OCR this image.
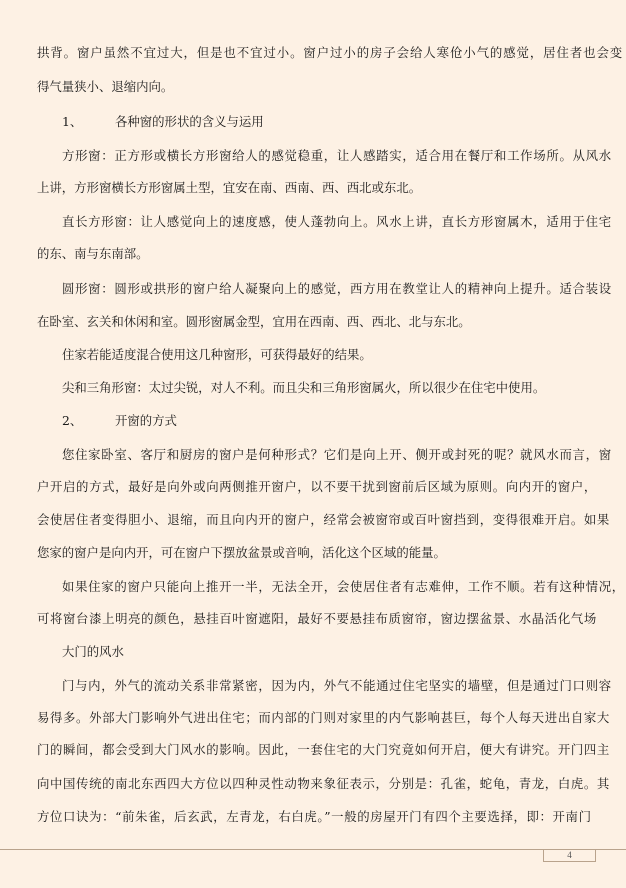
拱背。窗户虽然不宜过大，但是也不宜过小。窗户过小的房子会给人寒伧小气的感觉，居住者也会变
得气量狭小、退缩内向。
1、	各种窗的形状的含义与运用
方形窗：正方形或横长方形窗给人的感觉稳重，让人感踏实，适合用在餐厅和工作场所。从风水
上讲，方形窗横长方形窗属土型，宜安在南、西南、西、西北或东北。
直长方形窗：让人感觉向上的速度感，使人蓬勃向上。风水上讲，直长方形窗属木，适用于住宅
的东、南与东南部。
圆形窗：圆形或拱形的窗户给人凝聚向上的感觉，西方用在教堂让人的精神向上提升。适合装设
在卧室、玄关和休闲和室。圆形窗属金型，宜用在西南、西、西北、北与东北。
住家若能适度混合使用这几种窗形，可获得最好的结果。
尖和三角形窗：太过尖锐，对人不利。而且尖和三角形窗属火，所以很少在住宅中使用。
2、	开窗的方式
您住家卧室、客厅和厨房的窗户是何种形式？它们是向上开、侧开或封死的呢？就风水而言，窗
户开启的方式，最好是向外或向两侧推开窗户，以不要干扰到窗前后区域为原则。向内开的窗户，
会使居住者变得胆小、退缩，而且向内开的窗户，经常会被窗帘或百叶窗挡到，变得很难开启。如果
您家的窗户是向内开，可在窗户下摆放盆景或音响，活化这个区域的能量。
如果住家的窗户只能向上推开一半，无法全开，会使居住者有志难伸，工作不顺。若有这种情况，
可将窗台漆上明亮的颜色，悬挂百叶窗遮阳，最好不要悬挂布质窗帘，窗边摆盆景、水晶活化气场
大门的风水
门与内，外气的流动关系非常紧密，因为内，外气不能通过住宅坚实的墙壁，但是通过门口则容
易得多。外部大门影响外气进出住宅；而内部的门则对家里的内气影响甚巨，每个人每天进出自家大
门的瞬间，都会受到大门风水的影响。因此，一套住宅的大门究竟如何开启，便大有讲究。开门四主
向中国传统的南北东西四大方位以四种灵性动物来象征表示，分别是：孔雀，蛇龟，青龙，白虎。其
方位口诀为：“前朱雀，后玄武，左青龙，右白虎。”一般的房屋开门有四个主要选择，即：开南门
4
